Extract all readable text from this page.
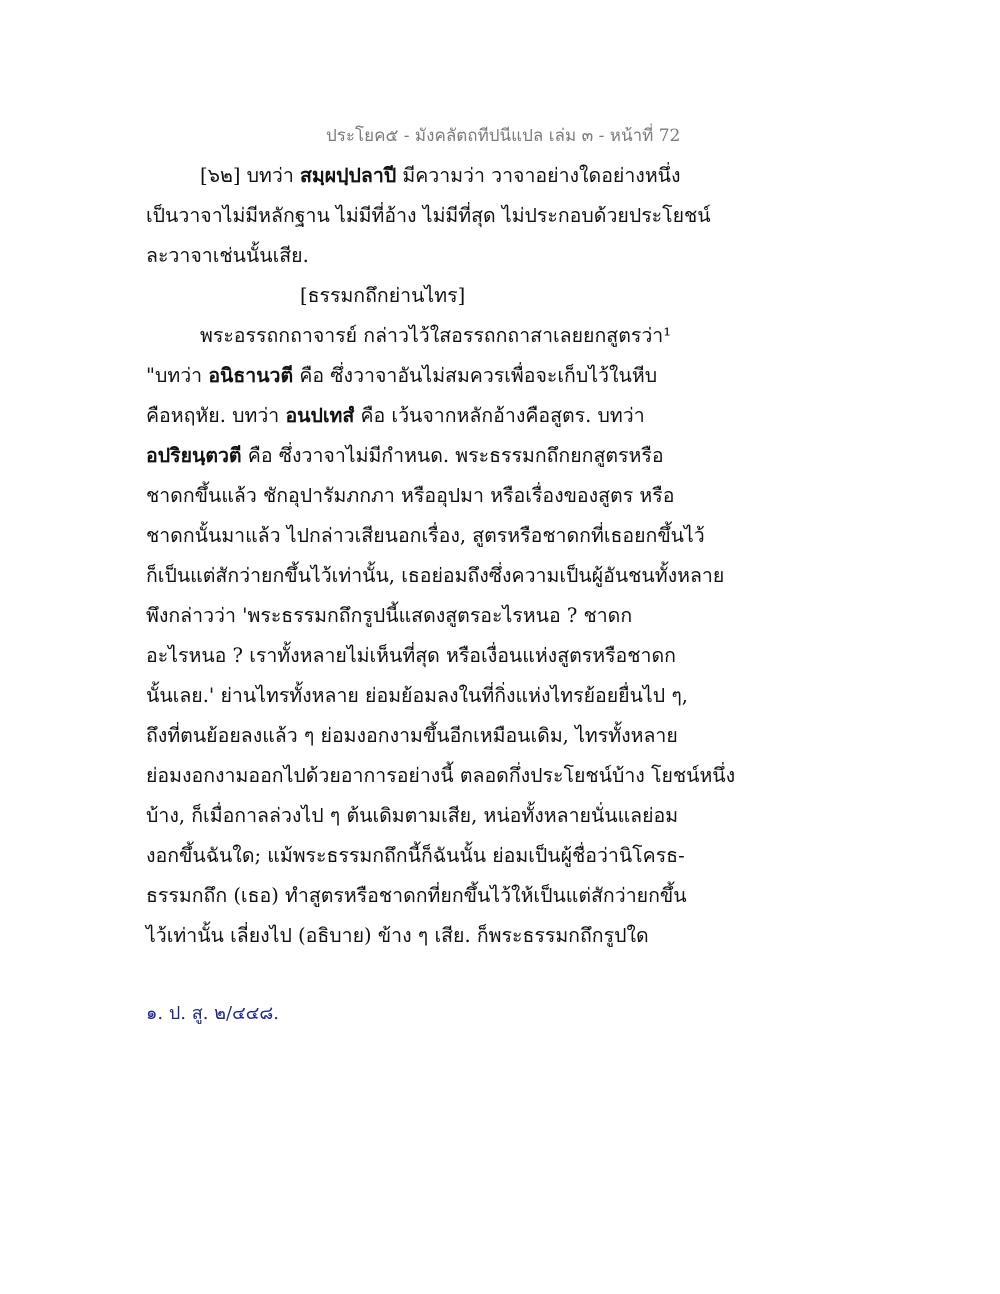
ประโยค๕ - มังคลัตถทีปนีแปล เล่ม ๓ - หน้าที่ 72
[๖๒] บทว่า สมฺผปฺปลาปี มีความว่า วาจาอย่างใดอย่างหนึ่ง
เป็นวาจาไม่มีหลักฐาน ไม่มีที่อ้าง ไม่มีที่สุด ไม่ประกอบด้วยประโยชน์
ละวาจาเช่นนั้นเสีย.
[ธรรมกถึกย่านไทร]
พระอรรถกถาจารย์ กล่าวไว้ใสอรรถกถาสาเลยยกสูตรว่า¹
"บทว่า อนิธานวตี คือ ซึ่งวาจาอันไม่สมควรเพื่อจะเก็บไว้ในหีบ
คือหฤหัย. บทว่า อนปเทสํ คือ เว้นจากหลักอ้างคือสูตร. บทว่า
อปริยนฺตวตี คือ ซึ่งวาจาไม่มีกำหนด. พระธรรมกถึกยกสูตรหรือ
ชาดกขึ้นแล้ว ชักอุปารัมภกภา หรืออุปมา หรือเรื่องของสูตร หรือ
ชาดกนั้นมาแล้ว ไปกล่าวเสียนอกเรื่อง, สูตรหรือชาดกที่เธอยกขึ้นไว้
ก็เป็นแต่สักว่ายกขึ้นไว้เท่านั้น, เธอย่อมถึงซึ่งความเป็นผู้อันชนทั้งหลาย
พึงกล่าวว่า 'พระธรรมกถึกรูปนี้แสดงสูตรอะไรหนอ ? ชาดก
อะไรหนอ ? เราทั้งหลายไม่เห็นที่สุด หรือเงื่อนแห่งสูตรหรือชาดก
นั้นเลย.' ย่านไทรทั้งหลาย ย่อมย้อมลงในที่กิ่งแห่งไทรย้อยยื่นไป ๆ,
ถึงที่ตนย้อยลงแล้ว ๆ ย่อมงอกงามขึ้นอีกเหมือนเดิม, ไทรทั้งหลาย
ย่อมงอกงามออกไปด้วยอาการอย่างนี้ ตลอดกึ่งประโยชน์บ้าง โยชน์หนึ่ง
บ้าง, ก็เมื่อกาลล่วงไป ๆ ต้นเดิมตามเสีย, หน่อทั้งหลายนั่นแลย่อม
งอกขึ้นฉันใด; แม้พระธรรมกถึกนี้ก็ฉันนั้น ย่อมเป็นผู้ชื่อว่านิโครธ-
ธรรมกถึก (เธอ) ทำสูตรหรือชาดกที่ยกขึ้นไว้ให้เป็นแต่สักว่ายกขึ้น
ไว้เท่านั้น เลี่ยงไป (อธิบาย) ข้าง ๆ เสีย. ก็พระธรรมกถึกรูปใด
๑. ป. สู. ๒/๔๔๘.
